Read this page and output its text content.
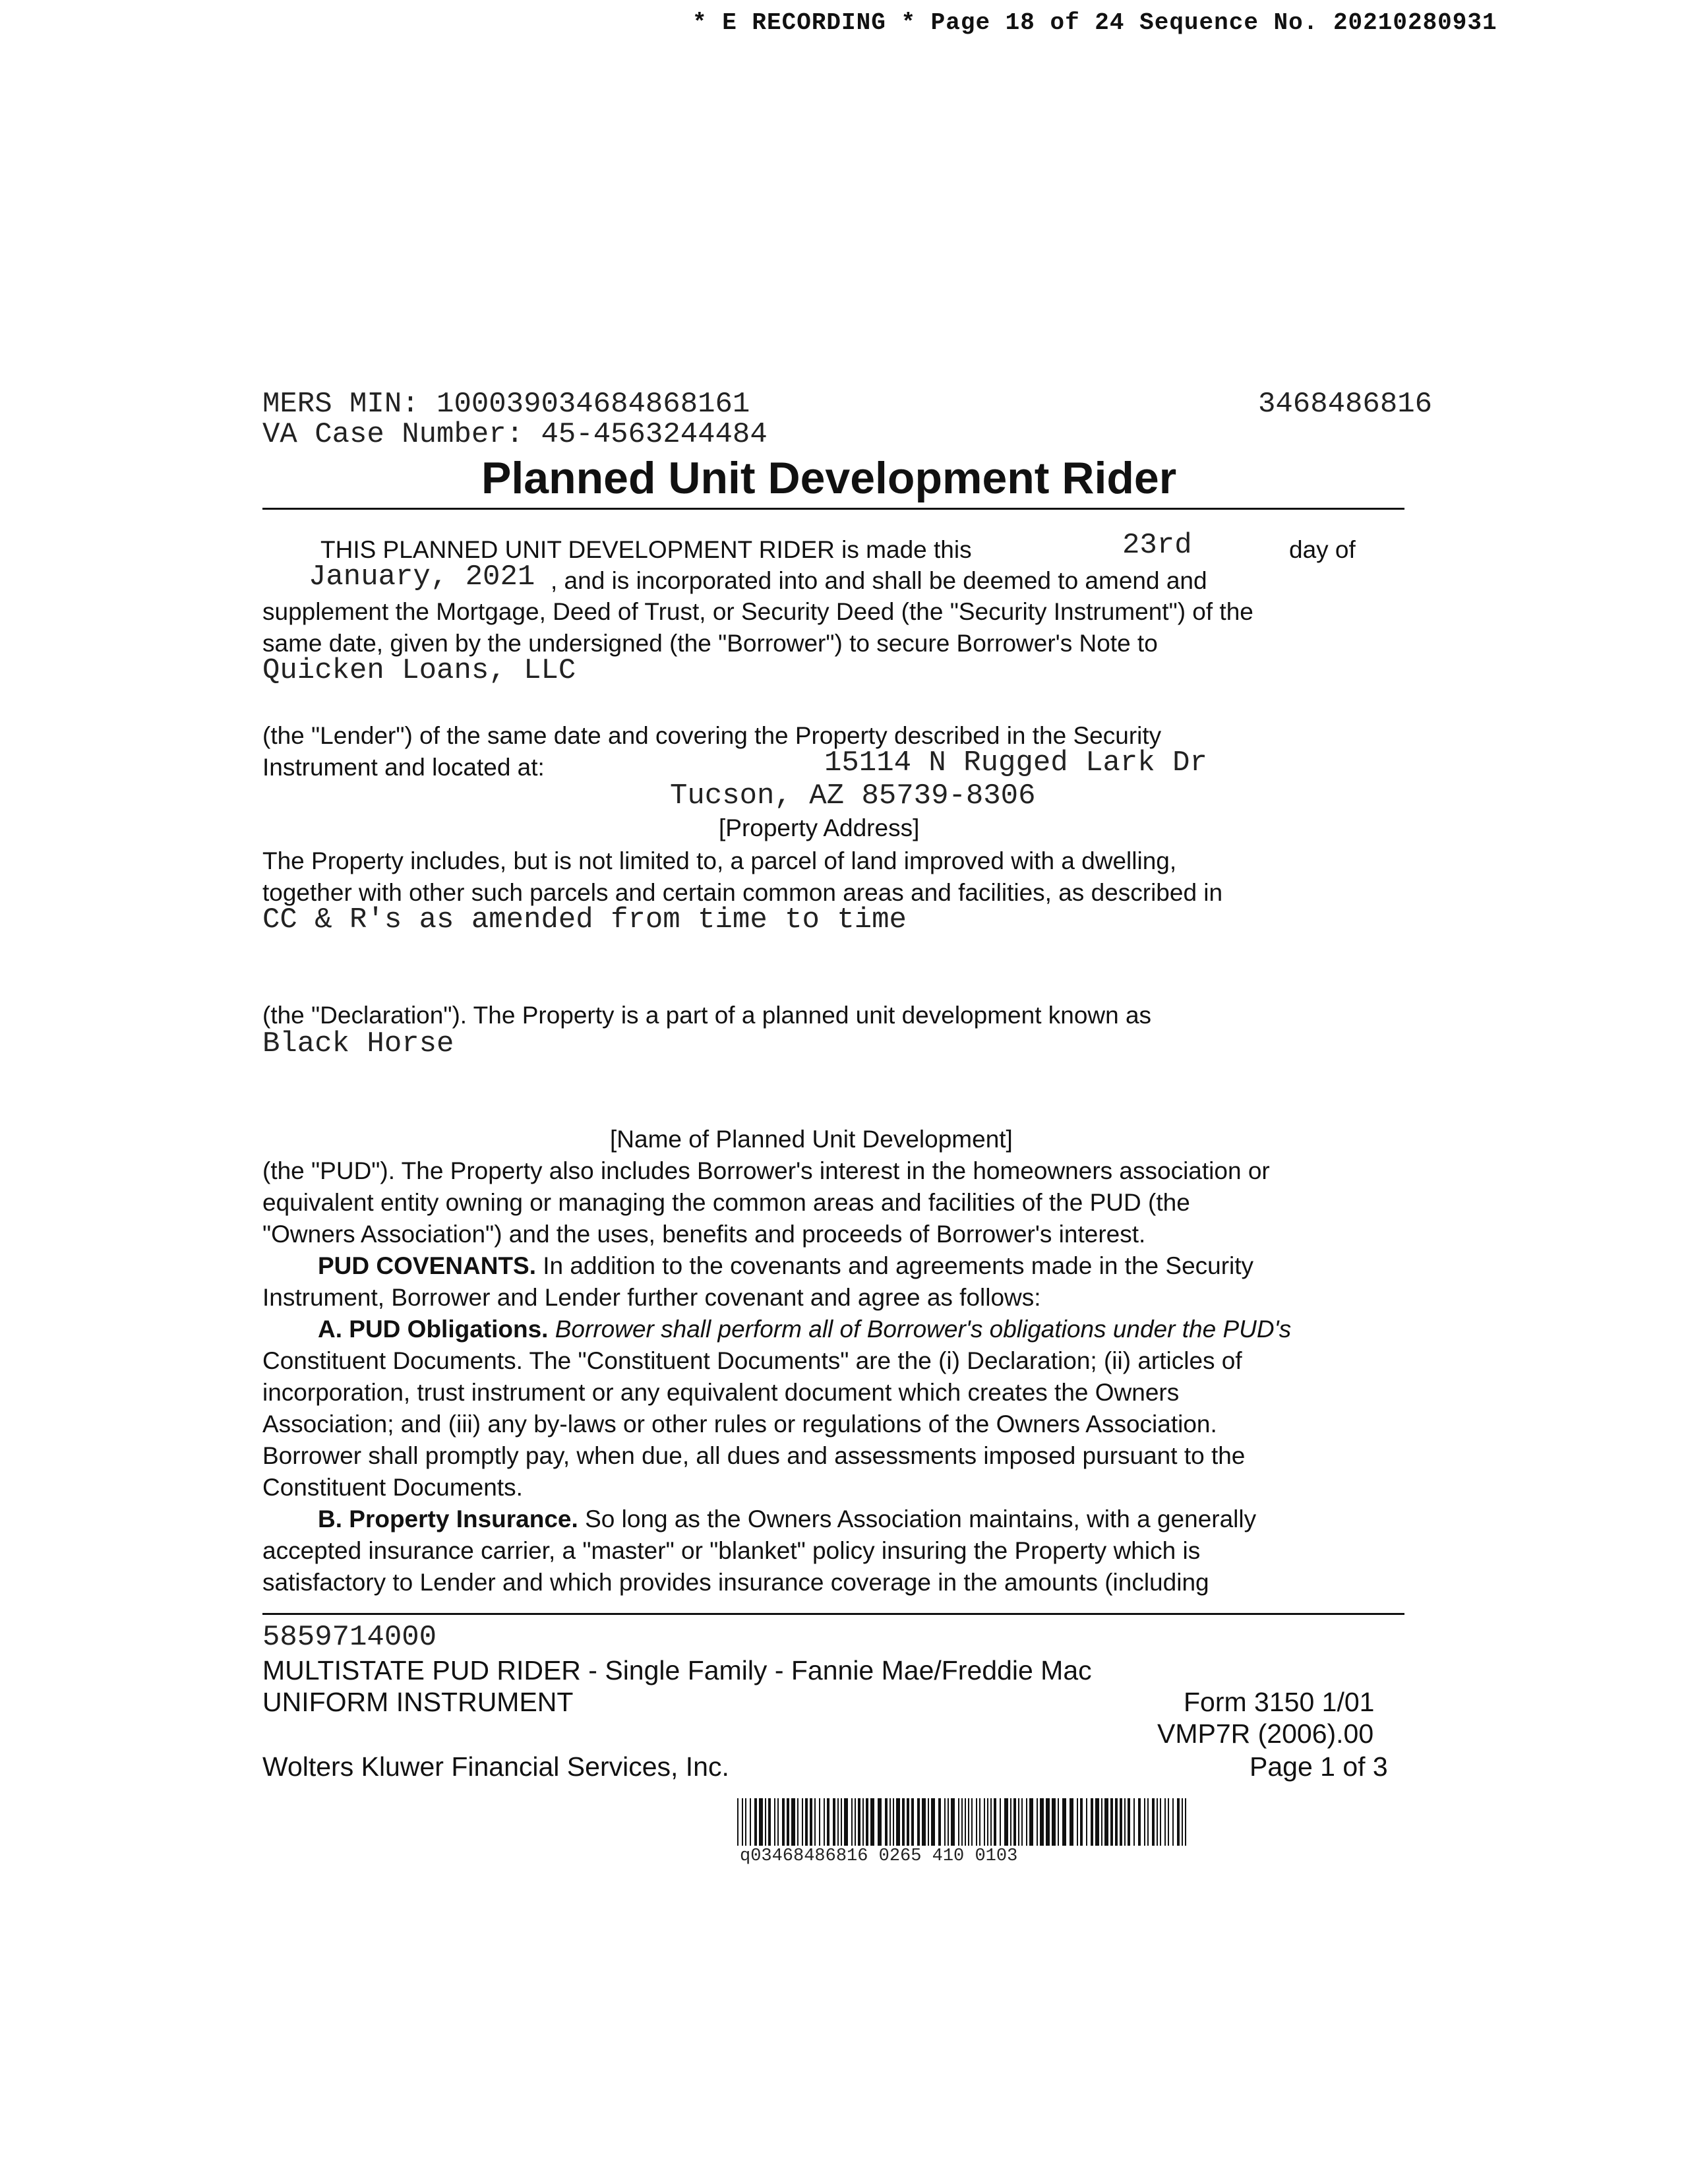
* E RECORDING * Page 18 of 24 Sequence No. 20210280931
MERS MIN: 100039034684868161
VA Case Number: 45-4563244484
3468486816
Planned Unit Development Rider

THIS PLANNED UNIT DEVELOPMENT RIDER is made this	23rd	day of
January, 2021 , and is incorporated into and shall be deemed to amend and

supplement the Mortgage, Deed of Trust, or Security Deed (the "Security Instrument") of the

same date, given by the undersigned (the "Borrower") to secure Borrower's Note to

Quicken Loans, LLC

(the "Lender") of the same date and covering the Property described in the Security

Instrument and located at:	15114 N Rugged Lark Dr
Tucson, AZ 85739-8306
[Property Address]

The Property includes, but is not limited to, a parcel of land improved with a dwelling,

together with other such parcels and certain common areas and facilities, as described in

CC & R's as amended from time to time

(the "Declaration"). The Property is a part of a planned unit development known as

Black Horse
[Name of Planned Unit Development]

(the "PUD"). The Property also includes Borrower's interest in the homeowners association or

equivalent entity owning or managing the common areas and facilities of the PUD (the

"Owners Association") and the uses, benefits and proceeds of Borrower's interest.

PUD COVENANTS. In addition to the covenants and agreements made in the Security

Instrument, Borrower and Lender further covenant and agree as follows:

A. PUD Obligations. Borrower shall perform all of Borrower's obligations under the PUD's

Constituent Documents. The "Constituent Documents" are the (i) Declaration; (ii) articles of

incorporation, trust instrument or any equivalent document which creates the Owners

Association; and (iii) any by-laws or other rules or regulations of the Owners Association.

Borrower shall promptly pay, when due, all dues and assessments imposed pursuant to the

Constituent Documents.

B. Property Insurance. So long as the Owners Association maintains, with a generally

accepted insurance carrier, a "master" or "blanket" policy insuring the Property which is

satisfactory to Lender and which provides insurance coverage in the amounts (including

5859714000
MULTISTATE PUD RIDER - Single Family - Fannie Mae/Freddie Mac
UNIFORM INSTRUMENT	Form 3150 1/01
VMP7R (2006).00
Wolters Kluwer Financial Services, Inc.	Page 1 of 3
q03468486816 0265 410 0103
